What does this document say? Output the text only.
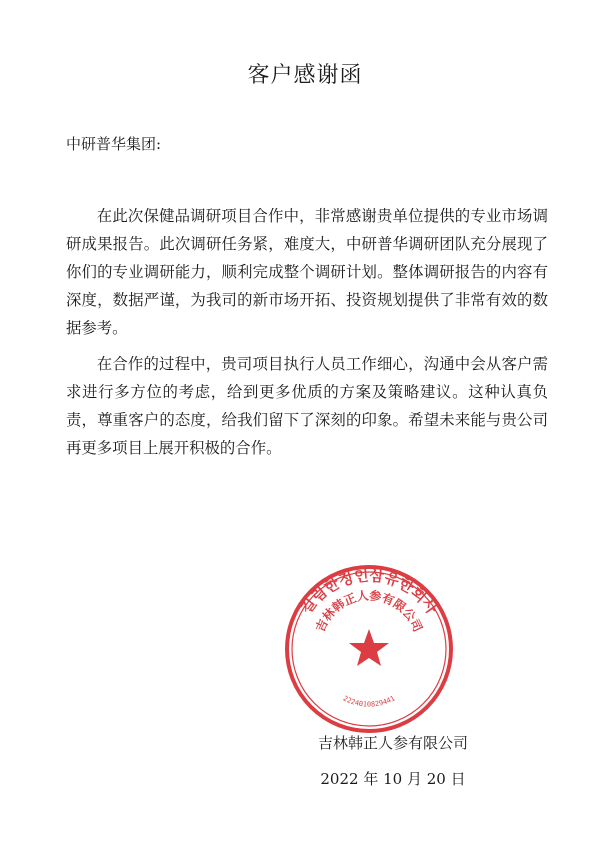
客户感谢函
中研普华集团:

在此次保健品调研项目合作中，非常感谢贵单位提供的专业市场调研成果报告。此次调研任务紧，难度大，中研普华调研团队充分展现了你们的专业调研能力，顺利完成整个调研计划。整体调研报告的内容有深度，数据严谨，为我司的新市场开拓、投资规划提供了非常有效的数据参考。

在合作的过程中，贵司项目执行人员工作细心，沟通中会从客户需求进行多方位的考虑，给到更多优质的方案及策略建议。这种认真负责，尊重客户的态度，给我们留下了深刻的印象。希望未来能与贵公司再更多项目上展开积极的合作。

길림한정인삼유한회사
吉林韩正人参有限公司
2224010829441
吉林韩正人参有限公司
2022 年 10 月 20 日
